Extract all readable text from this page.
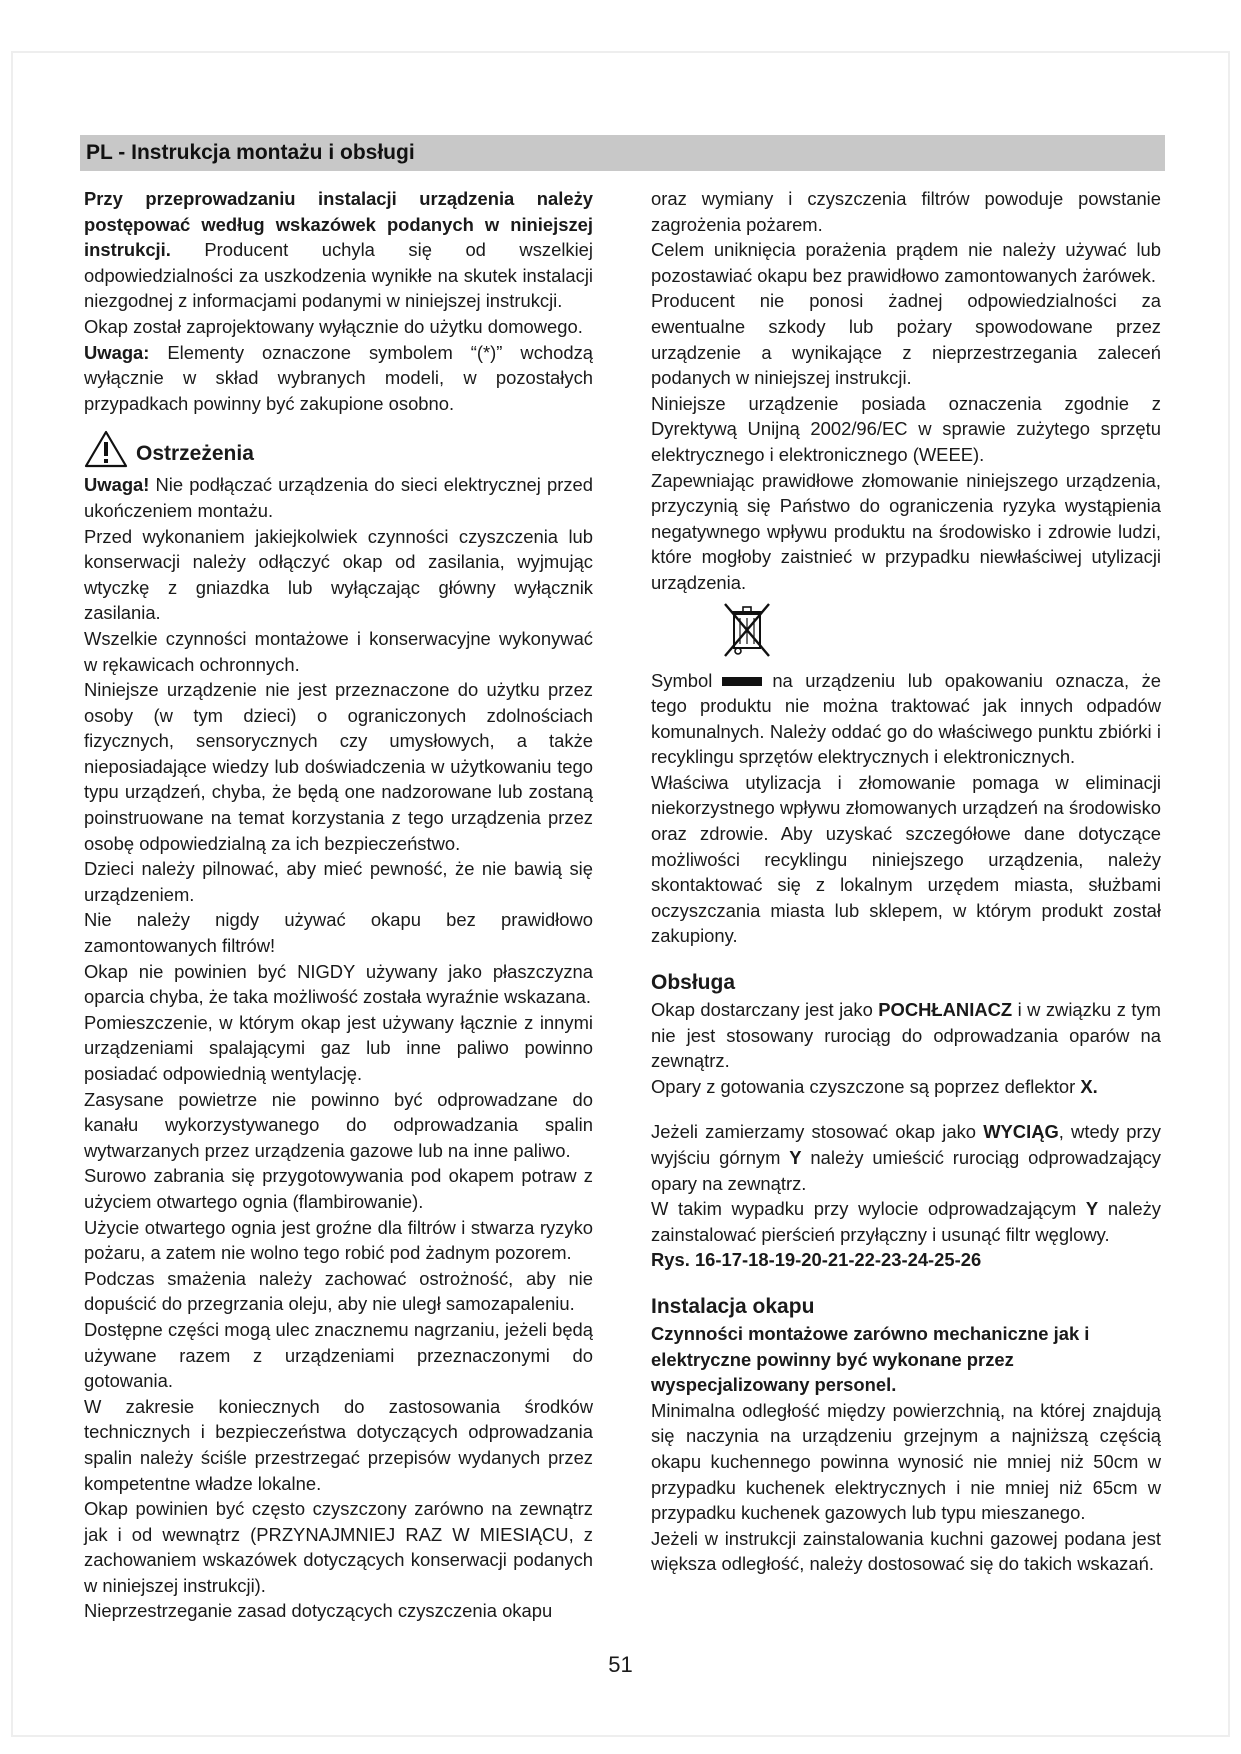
PL - Instrukcja montażu i obsługi

Przy przeprowadzaniu instalacji urządzenia należy postępować według wskazówek podanych w niniejszej instrukcji. Producent uchyla się od wszelkiej odpowiedzialności za uszkodzenia wynikłe na skutek instalacji niezgodnej z informacjami podanymi w niniejszej instrukcji.

Okap został zaprojektowany wyłącznie do użytku domowego.

Uwaga: Elementy oznaczone symbolem “(*)” wchodzą wyłącznie w skład wybranych modeli, w pozostałych przypadkach powinny być zakupione osobno.

Ostrzeżenia

Uwaga! Nie podłączać urządzenia do sieci elektrycznej przed ukończeniem montażu.

Przed wykonaniem jakiejkolwiek czynności czyszczenia lub konserwacji należy odłączyć okap od zasilania, wyjmując wtyczkę z gniazdka lub wyłączając główny wyłącznik zasilania.

Wszelkie czynności montażowe i konserwacyjne wykonywać w rękawicach ochronnych.

Niniejsze urządzenie nie jest przeznaczone do użytku przez osoby (w tym dzieci) o ograniczonych zdolnościach fizycznych, sensorycznych czy umysłowych, a także nieposiadające wiedzy lub doświadczenia w użytkowaniu tego typu urządzeń, chyba, że będą one nadzorowane lub zostaną poinstruowane na temat korzystania z tego urządzenia przez osobę odpowiedzialną za ich bezpieczeństwo.

Dzieci należy pilnować, aby mieć pewność, że nie bawią się urządzeniem.

Nie należy nigdy używać okapu bez prawidłowo zamontowanych filtrów!

Okap nie powinien być NIGDY używany jako płaszczyzna oparcia chyba, że taka możliwość została wyraźnie wskazana.

Pomieszczenie, w którym okap jest używany łącznie z innymi urządzeniami spalającymi gaz lub inne paliwo powinno posiadać odpowiednią wentylację.

Zasysane powietrze nie powinno być odprowadzane do kanału wykorzystywanego do odprowadzania spalin wytwarzanych przez urządzenia gazowe lub na inne paliwo.

Surowo zabrania się przygotowywania pod okapem potraw z użyciem otwartego ognia (flambirowanie).

Użycie otwartego ognia jest groźne dla filtrów i stwarza ryzyko pożaru, a zatem nie wolno tego robić pod żadnym pozorem.

Podczas smażenia należy zachować ostrożność, aby nie dopuścić do przegrzania oleju, aby nie uległ samozapaleniu.

Dostępne części mogą ulec znacznemu nagrzaniu, jeżeli będą używane razem z urządzeniami przeznaczonymi do gotowania.

W zakresie koniecznych do zastosowania środków technicznych i bezpieczeństwa dotyczących odprowadzania spalin należy ściśle przestrzegać przepisów wydanych przez kompetentne władze lokalne.

Okap powinien być często czyszczony zarówno na zewnątrz jak i od wewnątrz (PRZYNAJMNIEJ RAZ W MIESIĄCU, z zachowaniem wskazówek dotyczących konserwacji podanych w niniejszej instrukcji).

Nieprzestrzeganie zasad dotyczących czyszczenia okapu

oraz wymiany i czyszczenia filtrów powoduje powstanie zagrożenia pożarem.

Celem uniknięcia porażenia prądem nie należy używać lub pozostawiać okapu bez prawidłowo zamontowanych żarówek.

Producent nie ponosi żadnej odpowiedzialności za ewentualne szkody lub pożary spowodowane przez urządzenie a wynikające z nieprzestrzegania zaleceń podanych w niniejszej instrukcji.

Niniejsze urządzenie posiada oznaczenia zgodnie z Dyrektywą Unijną 2002/96/EC w sprawie zużytego sprzętu elektrycznego i elektronicznego (WEEE).

Zapewniając prawidłowe złomowanie niniejszego urządzenia, przyczynią się Państwo do ograniczenia ryzyka wystąpienia negatywnego wpływu produktu na środowisko i zdrowie ludzi, które mogłoby zaistnieć w przypadku niewłaściwej utylizacji urządzenia.

Symbol	na urządzeniu lub opakowaniu oznacza, że tego produktu nie można traktować jak innych odpadów komunalnych. Należy oddać go do właściwego punktu zbiórki i recyklingu sprzętów elektrycznych i elektronicznych.

Właściwa utylizacja i złomowanie pomaga w eliminacji niekorzystnego wpływu złomowanych urządzeń na środowisko oraz zdrowie. Aby uzyskać szczegółowe dane dotyczące możliwości recyklingu niniejszego urządzenia, należy skontaktować się z lokalnym urzędem miasta, służbami oczyszczania miasta lub sklepem, w którym produkt został zakupiony.

Obsługa

Okap dostarczany jest jako POCHŁANIACZ i w związku z tym nie jest stosowany rurociąg do odprowadzania oparów na zewnątrz.

Opary z gotowania czyszczone są poprzez deflektor X.

Jeżeli zamierzamy stosować okap jako WYCIĄG, wtedy przy wyjściu górnym Y należy umieścić rurociąg odprowadzający opary na zewnątrz.

W takim wypadku przy wylocie odprowadzającym Y należy zainstalować pierścień przyłączny i usunąć filtr węglowy.

Rys. 16-17-18-19-20-21-22-23-24-25-26

Instalacja okapu

Czynności montażowe zarówno mechaniczne jak i elektryczne powinny być wykonane przez wyspecjalizowany personel.

Minimalna odległość między powierzchnią, na której znajdują się naczynia na urządzeniu grzejnym a najniższą częścią okapu kuchennego powinna wynosić nie mniej niż 50cm w przypadku kuchenek elektrycznych i nie mniej niż 65cm w przypadku kuchenek gazowych lub typu mieszanego.

Jeżeli w instrukcji zainstalowania kuchni gazowej podana jest większa odległość, należy dostosować się do takich wskazań.

51
